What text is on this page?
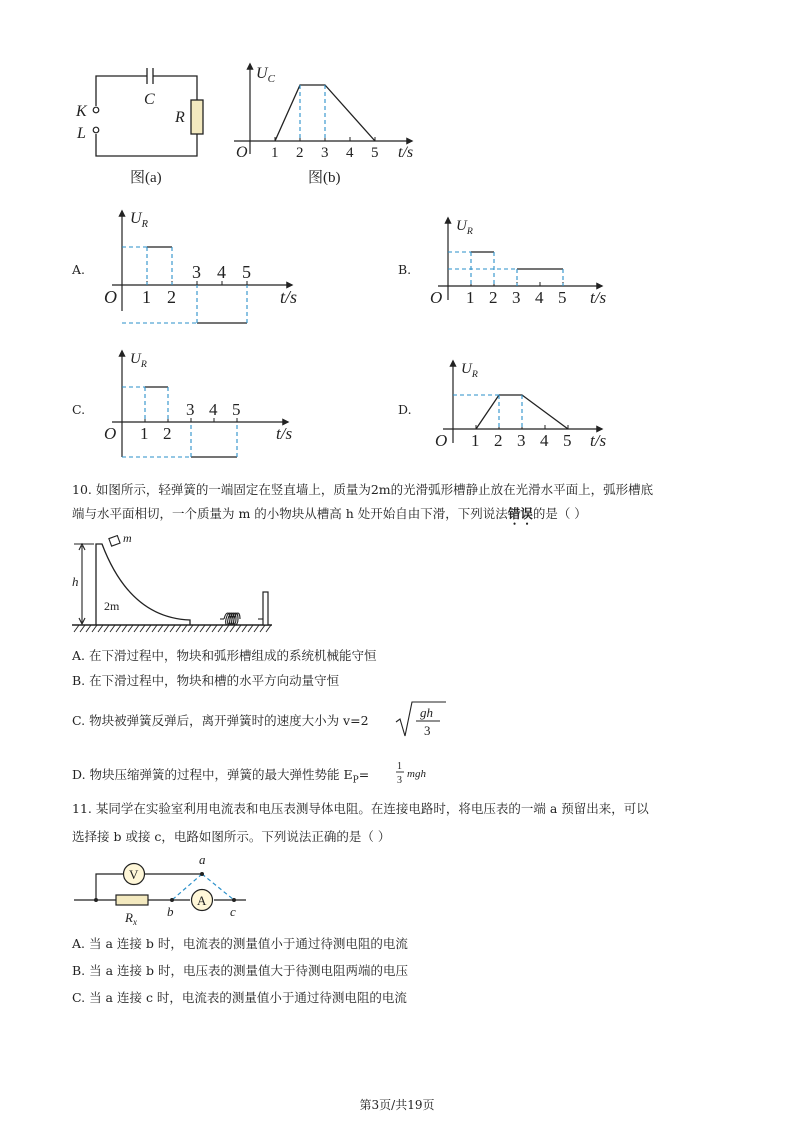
K
L
C
R
图(a)
1 2 3 4 5
$U_C$
O	t/s
图(b)
A.
$U_R$
O	t/s
1 2
3 4 5	B.
$U_R$
O	t/s
1 2 3 4 5
C.
$U_R$
O	t/s
1 2
3 4 5	D.
$U_R$
O	t/s
1 2 3 4 5
10. 如图所示，轻弹簧的一端固定在竖直墙上，质量为2m的光滑弧形槽静止放在光滑水平面上，弧形槽底
端与水平面相切，一个质量为 m 的小物块从槽高 h 处开始自由下滑，下列说法错误的是（ ）
m
h
2m
A. 在下滑过程中，物块和弧形槽组成的系统机械能守恒
B. 在下滑过程中，物块和槽的水平方向动量守恒
C. 物块被弹簧反弹后，离开弹簧时的速度大小为 v=2
gh
3
D. 物块压缩弹簧的过程中，弹簧的最大弹性势能 $E_P=$
1
3
mgh
11. 某同学在实验室利用电流表和电压表测导体电阻。在连接电路时，将电压表的一端 a 预留出来，可以
选择接 b 或接 c，电路如图所示。下列说法正确的是（ ）
V
A
a
b	c
$R_x$
A. 当 a 连接 b 时，电流表的测量值小于通过待测电阻的电流
B. 当 a 连接 b 时，电压表的测量值大于待测电阻两端的电压
C. 当 a 连接 c 时，电流表的测量值小于通过待测电阻的电流
第3页/共19页
